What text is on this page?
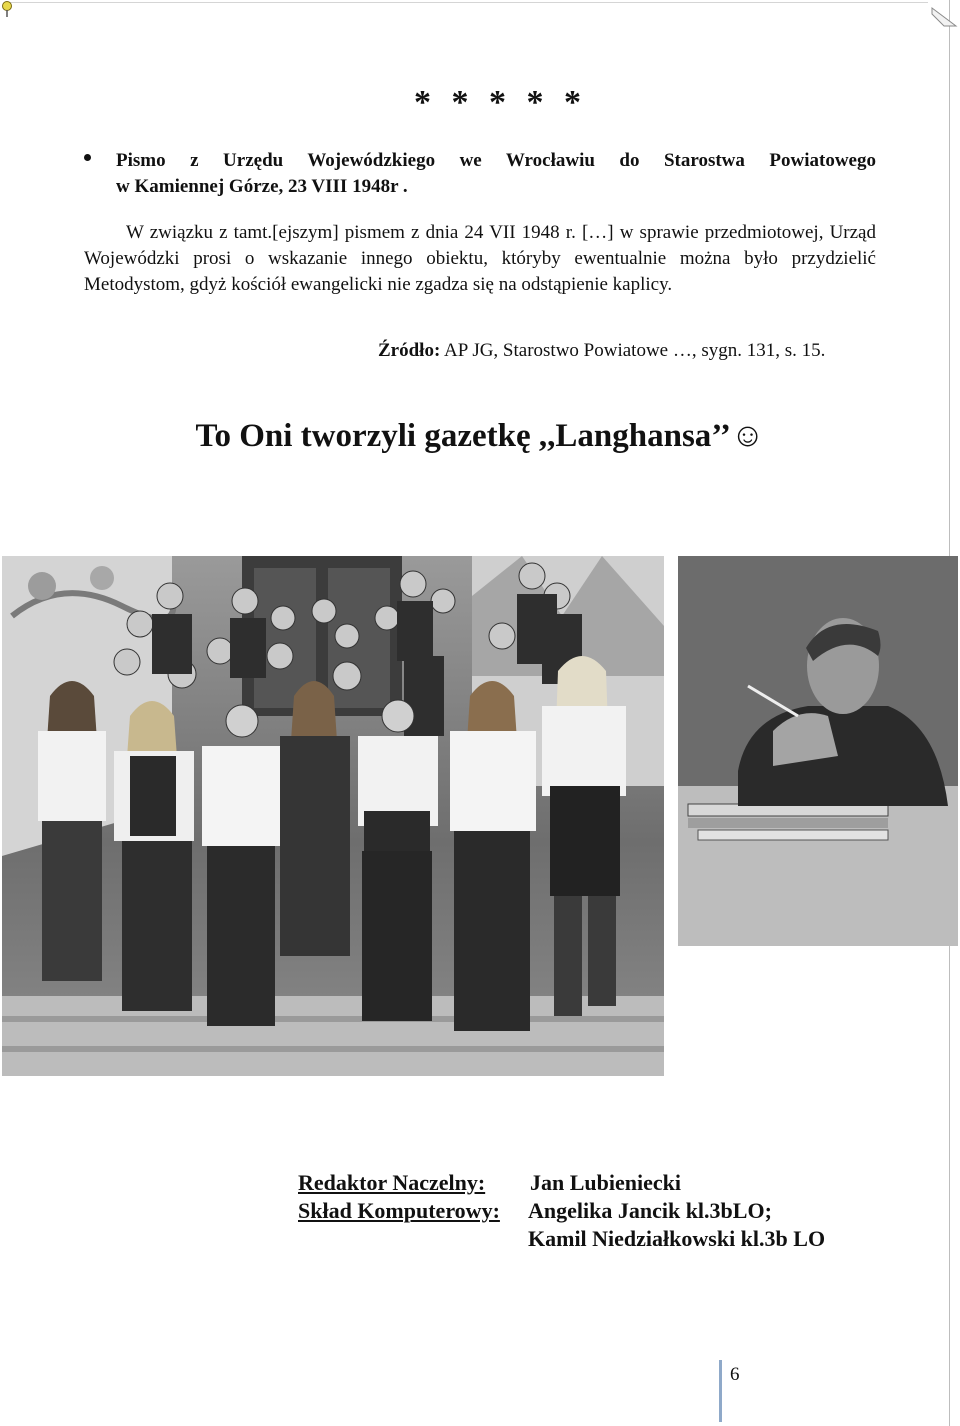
* * * * *
Pismo z Urzędu Wojewódzkiego we Wrocławiu do Starostwa Powiatowego
w Kamiennej Górze, 23 VIII 1948r .
W związku z tamt.[ejszym] pismem z dnia 24 VII 1948 r. […] w sprawie przedmiotowej, Urząd Wojewódzki prosi o wskazanie innego obiektu, któryby ewentualnie można było przydzielić Metodystom, gdyż kościół ewangelicki nie zgadza się na odstąpienie kaplicy.
Źródło: AP JG, Starostwo Powiatowe …, sygn. 131, s. 15.
To Oni tworzyli gazetkę ,,Langhansa’’☺
Redaktor Naczelny: Jan Lubieniecki
Skład Komputerowy: Angelika Jancik kl.3bLO;
Kamil Niedziałkowski kl.3b LO
6
